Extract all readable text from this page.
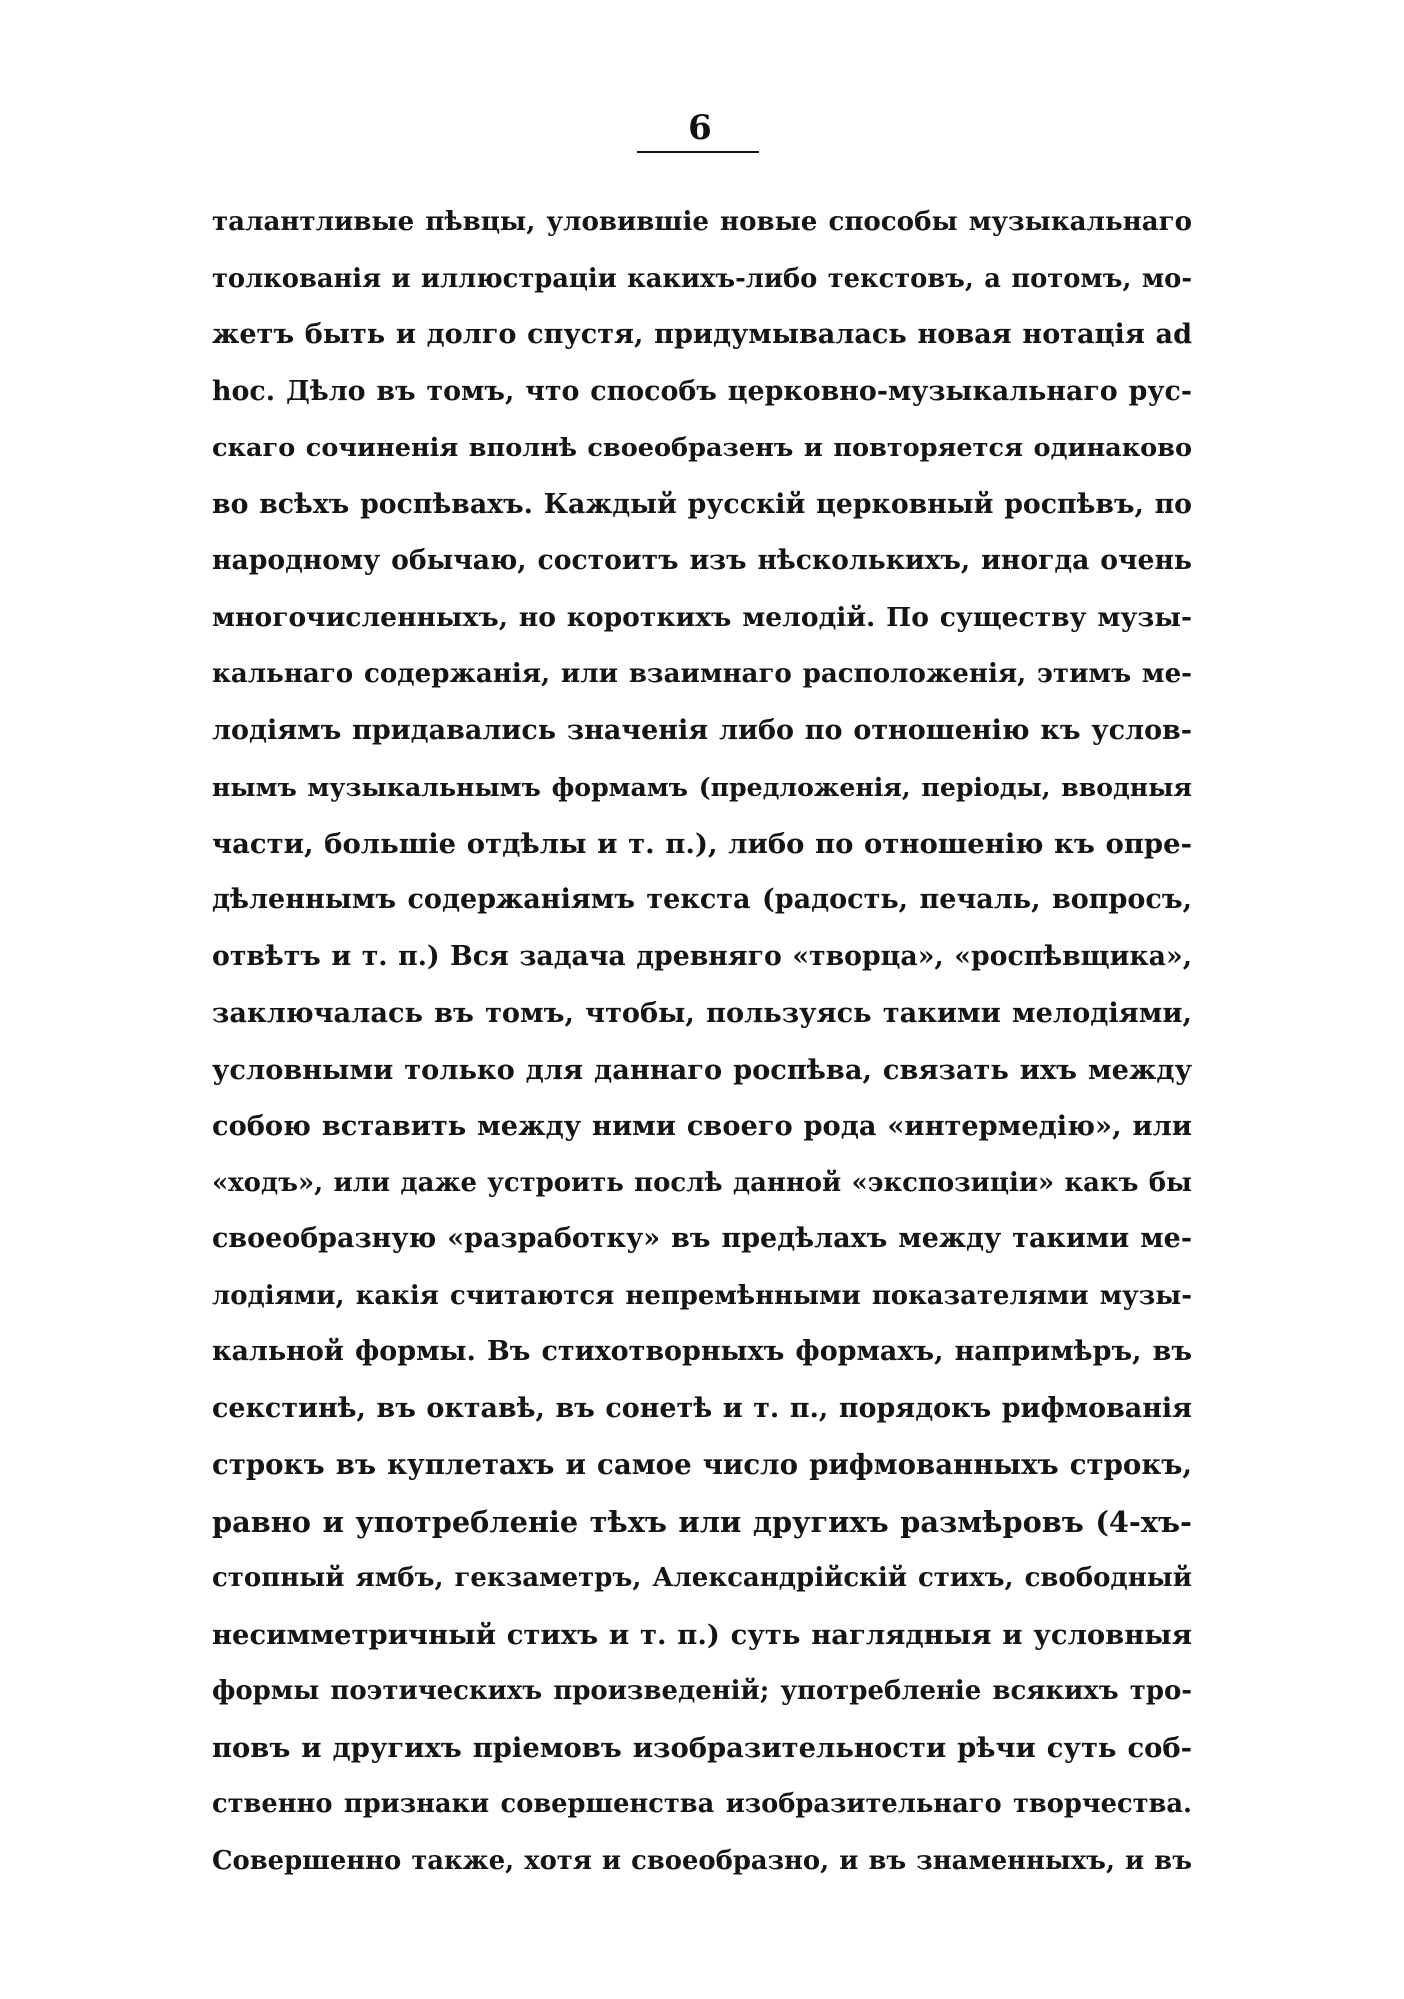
6
талантливые пѣвцы, уловившіе новые способы музыкальнаго
толкованія и иллюстраціи какихъ-либо текстовъ, а потомъ, мо-
жетъ быть и долго спустя, придумывалась новая нотація ad
hoc. Дѣло въ томъ, что способъ церковно-музыкальнаго рус-
скаго сочиненія вполнѣ своеобразенъ и повторяется одинаково
во всѣхъ роспѣвахъ. Каждый русскій церковный роспѣвъ, по
народному обычаю, состоитъ изъ нѣсколькихъ, иногда очень
многочисленныхъ, но короткихъ мелодій. По существу музы-
кальнаго содержанія, или взаимнаго расположенія, этимъ ме-
лодіямъ придавались значенія либо по отношенію къ услов-
нымъ музыкальнымъ формамъ (предложенія, періоды, вводныя
части, большіе отдѣлы и т. п.), либо по отношенію къ опре-
дѣленнымъ содержаніямъ текста (радость, печаль, вопросъ,
отвѣтъ и т. п.) Вся задача древняго «творца», «роспѣвщика»,
заключалась въ томъ, чтобы, пользуясь такими мелодіями,
условными только для даннаго роспѣва, связать ихъ между
собою вставить между ними своего рода «интермедію», или
«ходъ», или даже устроить послѣ данной «экспозиціи» какъ бы
своеобразную «разработку» въ предѣлахъ между такими ме-
лодіями, какія считаются непремѣнными показателями музы-
кальной формы. Въ стихотворныхъ формахъ, напримѣръ, въ
секстинѣ, въ октавѣ, въ сонетѣ и т. п., порядокъ рифмованія
строкъ въ куплетахъ и самое число рифмованныхъ строкъ,
равно и употребленіе тѣхъ или другихъ размѣровъ (4-хъ-
стопный ямбъ, гекзаметръ, Александрійскій стихъ, свободный
несимметричный стихъ и т. п.) суть наглядныя и условныя
формы поэтическихъ произведеній; употребленіе всякихъ тро-
повъ и другихъ пріемовъ изобразительности рѣчи суть соб-
ственно признаки совершенства изобразительнаго творчества.
Совершенно также, хотя и своеобразно, и въ знаменныхъ, и въ
